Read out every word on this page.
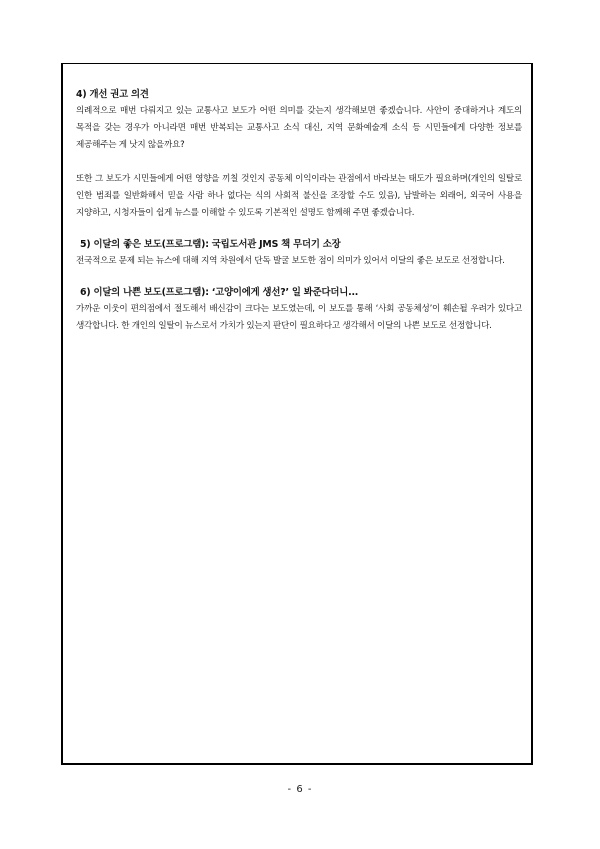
4) 개선 권고 의견

의례적으로 매번 다뤄지고 있는 교통사고 보도가 어떤 의미를 갖는지 생각해보면 좋겠습니다. 사안이 중대하거나 계도의 목적을 갖는 경우가 아니라면 매번 반복되는 교통사고 소식 대신, 지역 문화예술계 소식 등 시민들에게 다양한 정보를 제공해주는 게 낫지 않을까요?

또한 그 보도가 시민들에게 어떤 영향을 끼칠 것인지 공동체 이익이라는 관점에서 바라보는 태도가 필요하며(개인의 일탈로 인한 범죄를 일반화해서 믿을 사람 하나 없다는 식의 사회적 불신을 조장할 수도 있음), 남발하는 외래어, 외국어 사용을 지양하고, 시청자들이 쉽게 뉴스를 이해할 수 있도록 기본적인 설명도 함께해 주면 좋겠습니다.

5) 이달의 좋은 보도(프로그램): 국립도서관 JMS 책 무더기 소장

전국적으로 문제 되는 뉴스에 대해 지역 차원에서 단독 발굴 보도한 점이 의미가 있어서 이달의 좋은 보도로 선정합니다.

6) 이달의 나쁜 보도(프로그램): ‘고양이에게 생선?’ 일 봐준다더니...

가까운 이웃이 편의점에서 절도해서 배신감이 크다는 보도였는데, 이 보도를 통해 ‘사회 공동체성’이 훼손될 우려가 있다고 생각합니다. 한 개인의 일탈이 뉴스로서 가치가 있는지 판단이 필요하다고 생각해서 이달의 나쁜 보도로 선정합니다.

- 6 -
